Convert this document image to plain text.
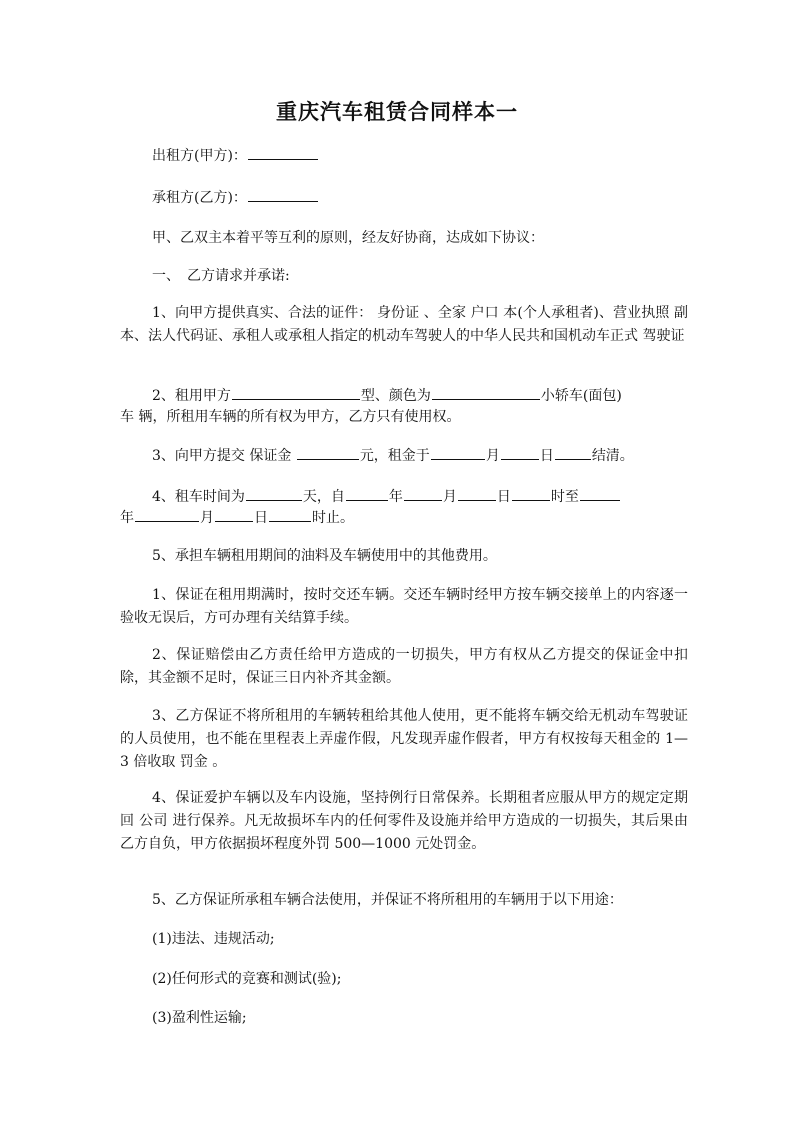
重庆汽车租赁合同样本一
出租方(甲方)：
承租方(乙方)：
甲、乙双主本着平等互利的原则，经友好协商，达成如下协议：
一、　乙方请求并承诺:

1、向甲方提供真实、合法的证件： 身份证 、全家 户口 本(个人承租者)、营业执照 副本、法人代码证、承租人或承租人指定的机动车驾驶人的中华人民共和国机动车正式 驾驶证

2、租用甲方	型、颜色为	小轿车(面包)
车 辆，所租用车辆的所有权为甲方，乙方只有使用权。
3、向甲方提交 保证金	元，租金于	月	日	结清。
4、租车时间为	天，自	年	月	日	时至
年	月	日	时止。
5、承担车辆租用期间的油料及车辆使用中的其他费用。

1、保证在租用期满时，按时交还车辆。交还车辆时经甲方按车辆交接单上的内容逐一验收无误后，方可办理有关结算手续。

2、保证赔偿由乙方责任给甲方造成的一切损失，甲方有权从乙方提交的保证金中扣除，其金额不足时，保证三日内补齐其金额。

3、乙方保证不将所租用的车辆转租给其他人使用，更不能将车辆交给无机动车驾驶证的人员使用，也不能在里程表上弄虚作假，凡发现弄虚作假者，甲方有权按每天租金的 1—3 倍收取 罚金 。

4、保证爱护车辆以及车内设施，坚持例行日常保养。长期租者应服从甲方的规定定期回 公司 进行保养。凡无故损坏车内的任何零件及设施并给甲方造成的一切损失，其后果由乙方自负，甲方依据损坏程度外罚 500—1000 元处罚金。

5、乙方保证所承租车辆合法使用，并保证不将所租用的车辆用于以下用途：
(1)违法、违规活动;
(2)任何形式的竞赛和测试(验);
(3)盈利性运输;
